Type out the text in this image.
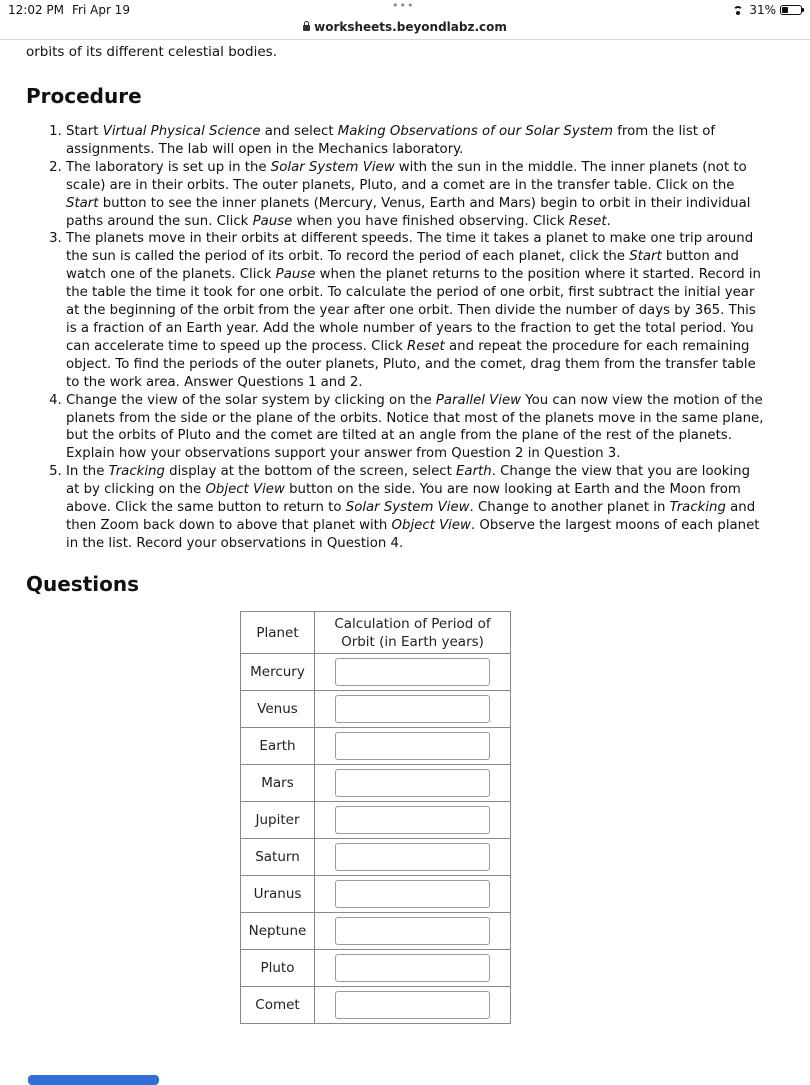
12:02 PM Fri Apr 19	•••
worksheets.beyondlabz.com
31%

orbits of its different celestial bodies.

Procedure
1. Start Virtual Physical Science and select Making Observations of our Solar System from the list of assignments. The lab will open in the Mechanics laboratory.
2. The laboratory is set up in the Solar System View with the sun in the middle. The inner planets (not to scale) are in their orbits. The outer planets, Pluto, and a comet are in the transfer table. Click on the Start button to see the inner planets (Mercury, Venus, Earth and Mars) begin to orbit in their individual paths around the sun. Click Pause when you have finished observing. Click Reset.
3. The planets move in their orbits at different speeds. The time it takes a planet to make one trip around the sun is called the period of its orbit. To record the period of each planet, click the Start button and watch one of the planets. Click Pause when the planet returns to the position where it started. Record in the table the time it took for one orbit. To calculate the period of one orbit, first subtract the initial year at the beginning of the orbit from the year after one orbit. Then divide the number of days by 365. This is a fraction of an Earth year. Add the whole number of years to the fraction to get the total period. You can accelerate time to speed up the process. Click Reset and repeat the procedure for each remaining object. To find the periods of the outer planets, Pluto, and the comet, drag them from the transfer table to the work area. Answer Questions 1 and 2.
4. Change the view of the solar system by clicking on the Parallel View You can now view the motion of the planets from the side or the plane of the orbits. Notice that most of the planets move in the same plane, but the orbits of Pluto and the comet are tilted at an angle from the plane of the rest of the planets. Explain how your observations support your answer from Question 2 in Question 3.
5. In the Tracking display at the bottom of the screen, select Earth. Change the view that you are looking at by clicking on the Object View button on the side. You are now looking at Earth and the Moon from above. Click the same button to return to Solar System View. Change to another planet in Tracking and then Zoom back down to above that planet with Object View. Observe the largest moons of each planet in the list. Record your observations in Question 4.
Questions
Planet	Calculation of Period of
Orbit (in Earth years)
Mercury	

Venus	

Earth	

Mars	

Jupiter	

Saturn	

Uranus	

Neptune	

Pluto	

Comet	
